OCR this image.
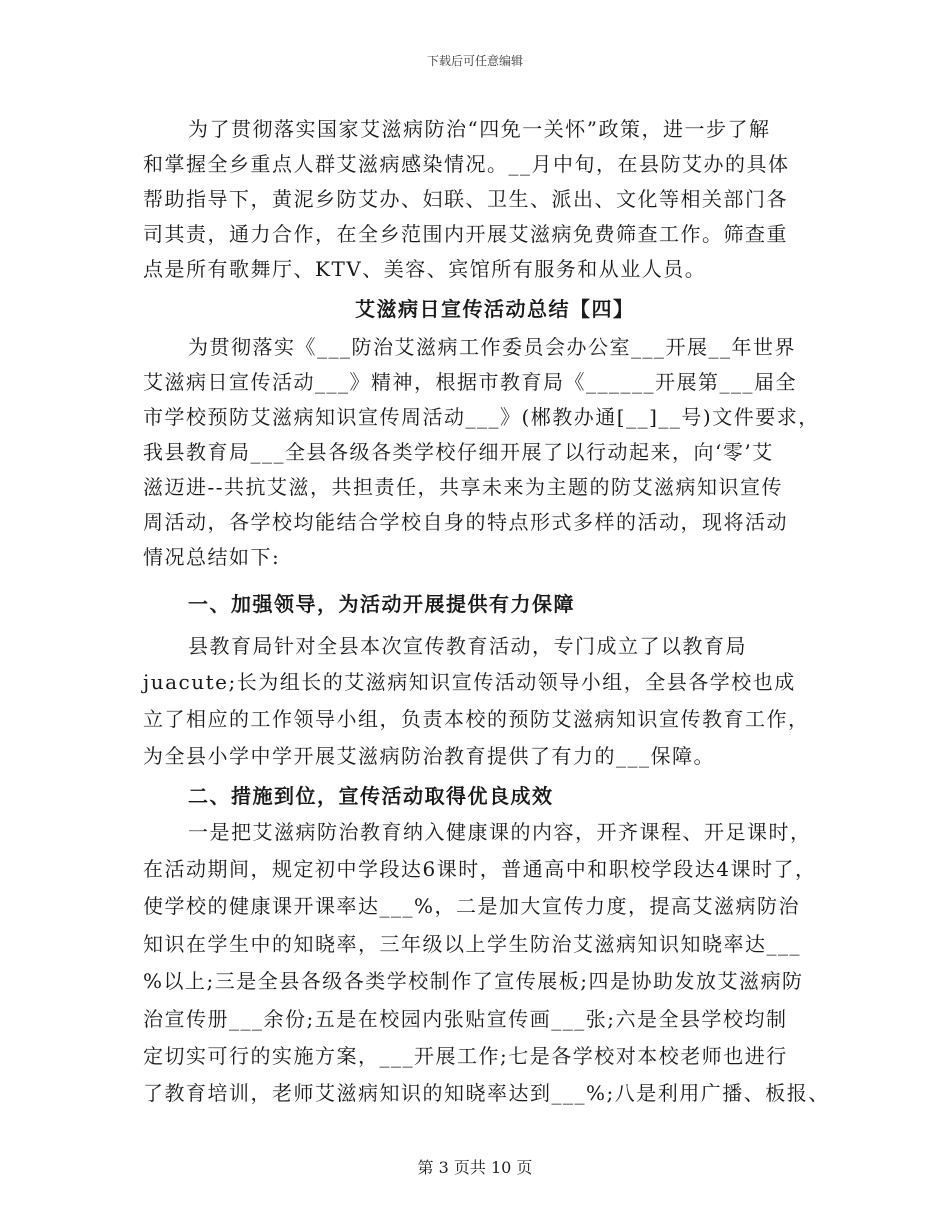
下载后可任意编辑
为了贯彻落实国家艾滋病防治“四免一关怀”政策，进一步了解
和掌握全乡重点人群艾滋病感染情况。__月中旬，在县防艾办的具体
帮助指导下，黄泥乡防艾办、妇联、卫生、派出、文化等相关部门各
司其责，通力合作，在全乡范围内开展艾滋病免费筛查工作。筛查重
点是所有歌舞厅、KTV、美容、宾馆所有服务和从业人员。
艾滋病日宣传活动总结【四】
为贯彻落实《___防治艾滋病工作委员会办公室___开展__年世界
艾滋病日宣传活动___》精神，根据市教育局《______开展第___届全
市学校预防艾滋病知识宣传周活动___》(郴教办通[__]__号)文件要求，
我县教育局___全县各级各类学校仔细开展了以行动起来，向‘零’艾
滋迈进--共抗艾滋，共担责任，共享未来为主题的防艾滋病知识宣传
周活动，各学校均能结合学校自身的特点形式多样的活动，现将活动
情况总结如下:
一、加强领导，为活动开展提供有力保障
县教育局针对全县本次宣传教育活动，专门成立了以教育局
juacute;长为组长的艾滋病知识宣传活动领导小组，全县各学校也成
立了相应的工作领导小组，负责本校的预防艾滋病知识宣传教育工作，
为全县小学中学开展艾滋病防治教育提供了有力的___保障。
二、措施到位，宣传活动取得优良成效
一是把艾滋病防治教育纳入健康课的内容，开齐课程、开足课时，
在活动期间，规定初中学段达6课时，普通高中和职校学段达4课时了，
使学校的健康课开课率达___%，二是加大宣传力度，提高艾滋病防治
知识在学生中的知晓率，三年级以上学生防治艾滋病知识知晓率达___
%以上;三是全县各级各类学校制作了宣传展板;四是协助发放艾滋病防
治宣传册___余份;五是在校园内张贴宣传画___张;六是全县学校均制
定切实可行的实施方案，___开展工作;七是各学校对本校老师也进行
了教育培训，老师艾滋病知识的知晓率达到___%;八是利用广播、板报、
第 3 页共 10 页
